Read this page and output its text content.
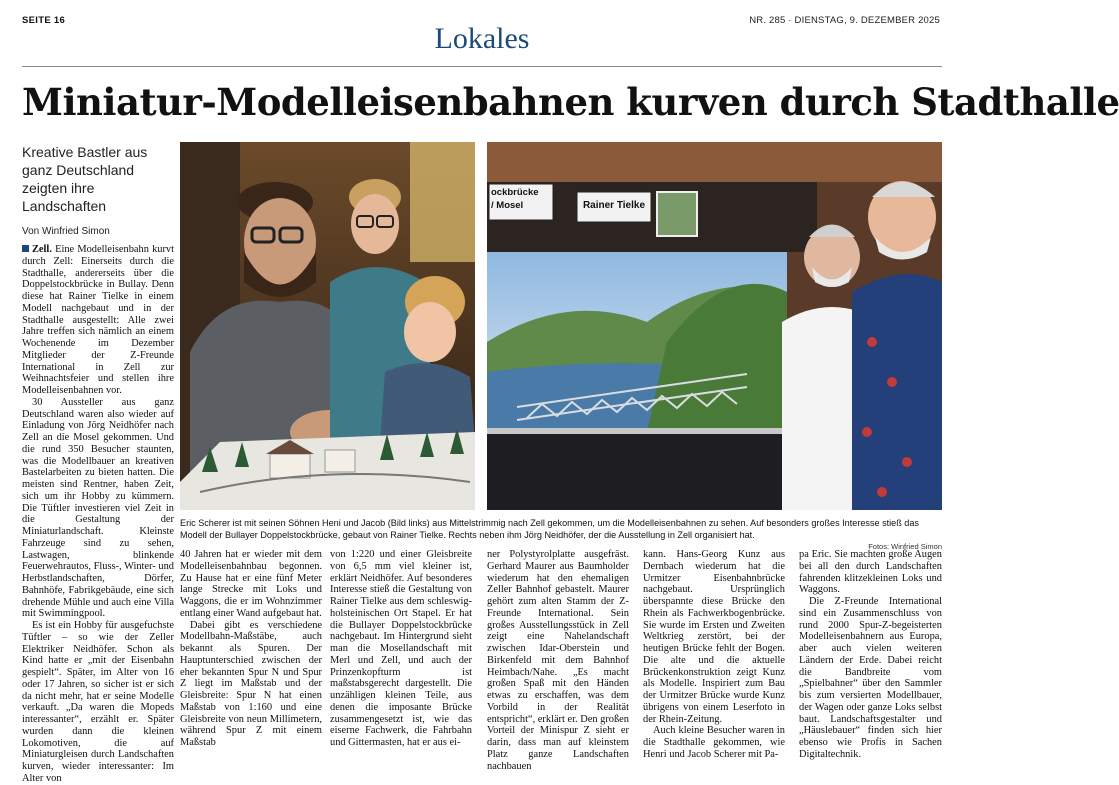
SEITE 16	NR. 285 · DIENSTAG, 9. DEZEMBER 2025
Lokales
Miniatur-Modelleisenbahnen kurven durch Stadthalle
Kreative Bastler aus ganz Deutschland zeigten ihre Landschaften
Von Winfried Simon
ockbrücke
/ Mosel	Rainer Tielke
Eric Scherer ist mit seinen Söhnen Heni und Jacob (Bild links) aus Mittelstrimmig nach Zell gekommen, um die Modelleisenbahnen zu sehen. Auf besonders großes Interesse stieß das Modell der Bullayer Doppelstockbrücke, gebaut von Rainer Tielke. Rechts neben ihm Jörg Neidhöfer, der die Ausstellung in Zell organisiert hat.
Fotos: Winfried Simon

Zell. Eine Modelleisenbahn kurvt durch Zell: Einerseits durch die Stadthalle, andererseits über die Doppelstockbrücke in Bullay. Denn diese hat Rainer Tielke in einem Modell nachgebaut und in der Stadthalle ausgestellt: Alle zwei Jahre treffen sich nämlich an einem Wochenende im Dezember Mitglieder der Z-Freunde International in Zell zur Weihnachtsfeier und stellen ihre Modelleisenbahnen vor.

30 Aussteller aus ganz Deutschland waren also wieder auf Einladung von Jörg Neidhöfer nach Zell an die Mosel gekommen. Und die rund 350 Besucher staunten, was die Modellbauer an kreativen Bastelarbeiten zu bieten hatten. Die meisten sind Rentner, haben Zeit, sich um ihr Hobby zu kümmern. Die Tüftler investieren viel Zeit in die Gestaltung der Miniaturlandschaft. Kleinste Fahrzeuge sind zu sehen, Lastwagen, blinkende Feuerwehrautos, Fluss-, Winter- und Herbstlandschaften, Dörfer, Bahnhöfe, Fabrikgebäude, eine sich drehende Mühle und auch eine Villa mit Swimmingpool.

Es ist ein Hobby für ausgefuchste Tüftler – so wie der Zeller Elektriker Neidhöfer. Schon als Kind hatte er „mit der Eisenbahn gespielt“. Später, im Alter von 16 oder 17 Jahren, so sicher ist er sich da nicht mehr, hat er seine Modelle verkauft. „Da waren die Mopeds interessanter“, erzählt er. Später wurden dann die kleinen Lokomotiven, die auf Miniaturgleisen durch Landschaften kurven, wieder interessanter: Im Alter von

40 Jahren hat er wieder mit dem Modelleisenbahnbau begonnen. Zu Hause hat er eine fünf Meter lange Strecke mit Loks und Waggons, die er im Wohnzimmer entlang einer Wand aufgebaut hat.

Dabei gibt es verschiedene Modellbahn-Maßstäbe, auch bekannt als Spuren. Der Hauptunterschied zwischen der eher bekannten Spur N und Spur Z liegt im Maßstab und der Gleisbreite: Spur N hat einen Maßstab von 1:160 und eine Gleisbreite von neun Millimetern, während Spur Z mit einem Maßstab

von 1:220 und einer Gleisbreite von 6,5 mm viel kleiner ist, erklärt Neidhöfer. Auf besonderes Interesse stieß die Gestaltung von Rainer Tielke aus dem schleswig-holsteinischen Ort Stapel. Er hat die Bullayer Doppelstockbrücke nachgebaut. Im Hintergrund sieht man die Mosellandschaft mit Merl und Zell, und auch der Prinzenkopfturm ist maßstabsgerecht dargestellt. Die unzähligen kleinen Teile, aus denen die imposante Brücke zusammengesetzt ist, wie das eiserne Fachwerk, die Fahrbahn und Gittermasten, hat er aus ei-

ner Polystyrolplatte ausgefräst. Gerhard Maurer aus Baumholder wiederum hat den ehemaligen Zeller Bahnhof gebastelt. Maurer gehört zum alten Stamm der Z-Freunde International. Sein großes Ausstellungsstück in Zell zeigt eine Nahelandschaft zwischen Idar-Oberstein und Birkenfeld mit dem Bahnhof Heimbach/Nahe. „Es macht großen Spaß mit den Händen etwas zu erschaffen, was dem Vorbild in der Realität entspricht“, erklärt er. Den großen Vorteil der Minispur Z sieht er darin, dass man auf kleinstem Platz ganze Landschaften nachbauen

kann. Hans-Georg Kunz aus Dernbach wiederum hat die Urmitzer Eisenbahnbrücke nachgebaut. Ursprünglich überspannte diese Brücke den Rhein als Fachwerkbogenbrücke. Sie wurde im Ersten und Zweiten Weltkrieg zerstört, bei der heutigen Brücke fehlt der Bogen. Die alte und die aktuelle Brückenkonstruktion zeigt Kunz als Modelle. Inspiriert zum Bau der Urmitzer Brücke wurde Kunz übrigens von einem Leserfoto in der Rhein-Zeitung.

Auch kleine Besucher waren in die Stadthalle gekommen, wie Henri und Jacob Scherer mit Pa-

pa Eric. Sie machten große Augen bei all den durch Landschaften fahrenden klitzekleinen Loks und Waggons.

Die Z-Freunde International sind ein Zusammenschluss von rund 2000 Spur-Z-begeisterten Modelleisenbahnern aus Europa, aber auch vielen weiteren Ländern der Erde. Dabei reicht die Bandbreite vom „Spielbahner“ über den Sammler bis zum versierten Modellbauer, der Wagen oder ganze Loks selbst baut. Landschaftsgestalter und „Häuslebauer“ finden sich hier ebenso wie Profis in Sachen Digitaltechnik.
